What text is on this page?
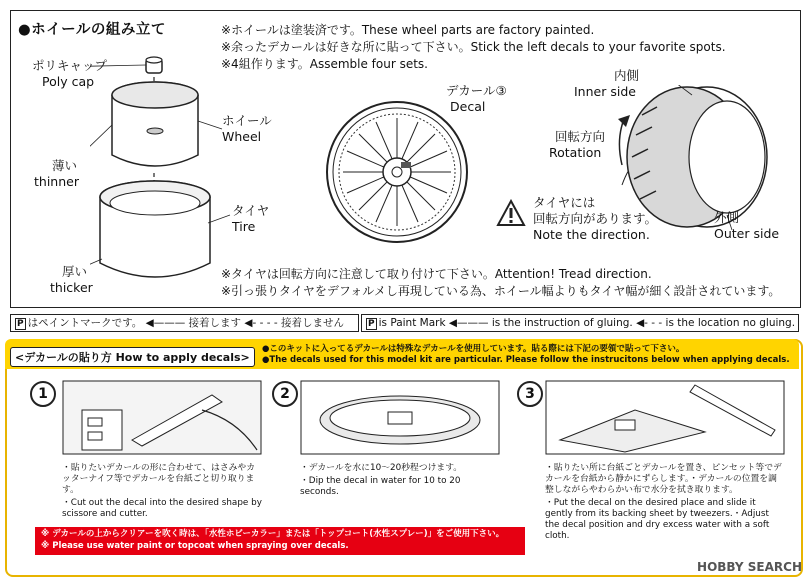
●ホイールの組み立て	※ホイールは塗装済です。These wheel parts are factory painted.
※余ったデカールは好きな所に貼って下さい。Stick the left decals to your favorite spots.
※4組作ります。Assemble four sets.
ポリキャップ
Poly cap
ホイール
Wheel
薄い
thinner
タイヤ
Tire
厚い
thicker
デカール③
Decal
内側
Inner side
回転方向
Rotation
外側
Outer side
タイヤには
回転方向があります。
Note the direction.
※タイヤは回転方向に注意して取り付けて下さい。Attention! Tread direction.
※引っ張りタイヤをデフォルメし再現している為、ホイール幅よりもタイヤ幅が細く設計されています。
P はペイントマークです。 ◀——— 接着します ◀- - - - 接着しません	P is Paint Mark ◀——— is the instruction of gluing. ◀- - - is the location no gluing.
<デカールの貼り方 How to apply decals>
●このキットに入ってるデカールは特殊なデカールを使用しています。貼る際には下記の要領で貼って下さい。
●The decals used for this model kit are particular. Please follow the instrucitons below when applying decals.
1
・貼りたいデカールの形に合わせて、はさみやカッターナイフ等でデカールを台紙ごと切り取ります。
・Cut out the decal into the desired shape by scissore and cutter.
2
・デカールを水に10〜20秒程つけます。
・Dip the decal in water for 10 to 20 seconds.
3
・貼りたい所に台紙ごとデカールを置き、ピンセット等でデカールを台紙から静かにずらします。・デカールの位置を調整しながらやわらかい布で水分を拭き取ります。
・Put the decal on the desired place and slide it gently from its backing sheet by tweezers.・Adjust the decal position and dry excess water with a soft cloth.
※ デカールの上からクリアーを吹く時は、「水性ホビーカラー」または「トップコート(水性スプレー)」をご使用下さい。
※ Please use water paint or topcoat when spraying over decals.
HOBBY SEARCH
